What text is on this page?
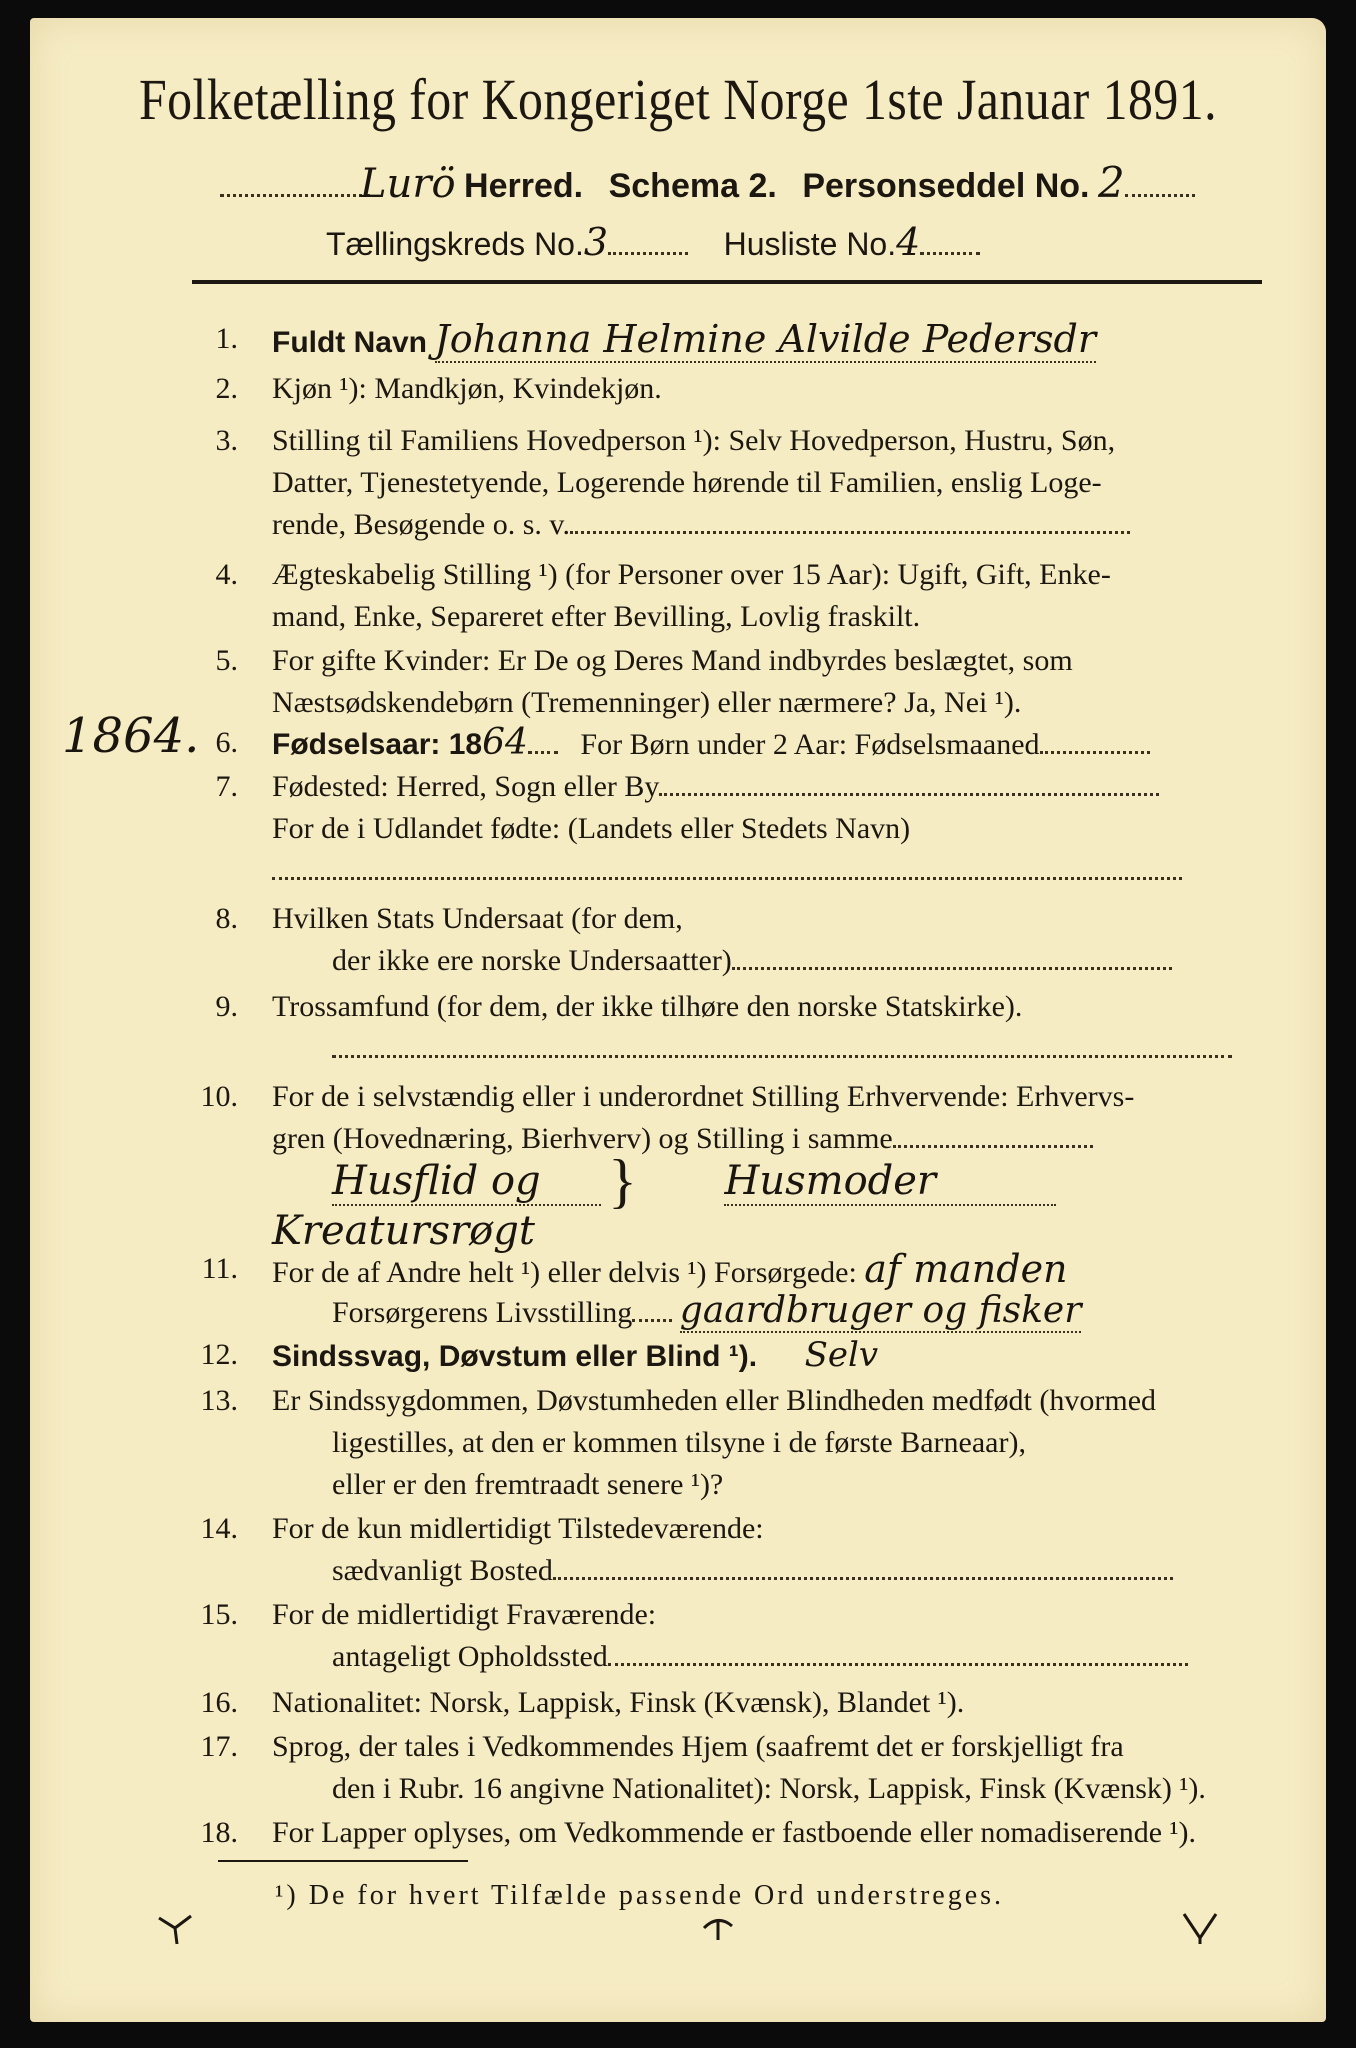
Folketælling for Kongeriget Norge 1ste Januar 1891.
Lurö Herred. Schema 2. Personseddel No. 2
Tællingskreds No.3	Husliste No.4
1864.
1. Fuldt Navn Johanna Helmine Alvilde Pedersdr
2. Kjøn ¹): Mandkjøn, Kvindekjøn.
3. Stilling til Familiens Hovedperson ¹): Selv Hovedperson, Hustru, Søn,
Datter, Tjenestetyende, Logerende hørende til Familien, enslig Loge-
rende, Besøgende o. s. v.
4. Ægteskabelig Stilling ¹) (for Personer over 15 Aar): Ugift, Gift, Enke-
mand, Enke, Separeret efter Bevilling, Lovlig fraskilt.
5. For gifte Kvinder: Er De og Deres Mand indbyrdes beslægtet, som
Næstsødskendebørn (Tremenninger) eller nærmere? Ja, Nei ¹).
6. Fødselsaar: 1864 For Børn under 2 Aar: Fødselsmaaned
7. Fødested: Herred, Sogn eller By
For de i Udlandet fødte: (Landets eller Stedets Navn)
8. Hvilken Stats Undersaat (for dem,
der ikke ere norske Undersaatter)
9. Trossamfund (for dem, der ikke tilhøre den norske Statskirke).
10. For de i selvstændig eller i underordnet Stilling Erhvervende: Erhvervs-
gren (Hovednæring, Bierhverv) og Stilling i samme
Husflid og } Husmoder
Kreatursrøgt
11. For de af Andre helt ¹) eller delvis ¹) Forsørgede: af manden
Forsørgerens Livsstilling gaardbruger og fisker
12. Sindssvag, Døvstum eller Blind ¹). Selv
13. Er Sindssygdommen, Døvstumheden eller Blindheden medfødt (hvormed
ligestilles, at den er kommen tilsyne i de første Barneaar),
eller er den fremtraadt senere ¹)?
14. For de kun midlertidigt Tilstedeværende:
sædvanligt Bosted
15. For de midlertidigt Fraværende:
antageligt Opholdssted
16. Nationalitet: Norsk, Lappisk, Finsk (Kvænsk), Blandet ¹).
17. Sprog, der tales i Vedkommendes Hjem (saafremt det er forskjelligt fra
den i Rubr. 16 angivne Nationalitet): Norsk, Lappisk, Finsk (Kvænsk) ¹).
18. For Lapper oplyses, om Vedkommende er fastboende eller nomadiserende ¹).
¹) De for hvert Tilfælde passende Ord understreges.
